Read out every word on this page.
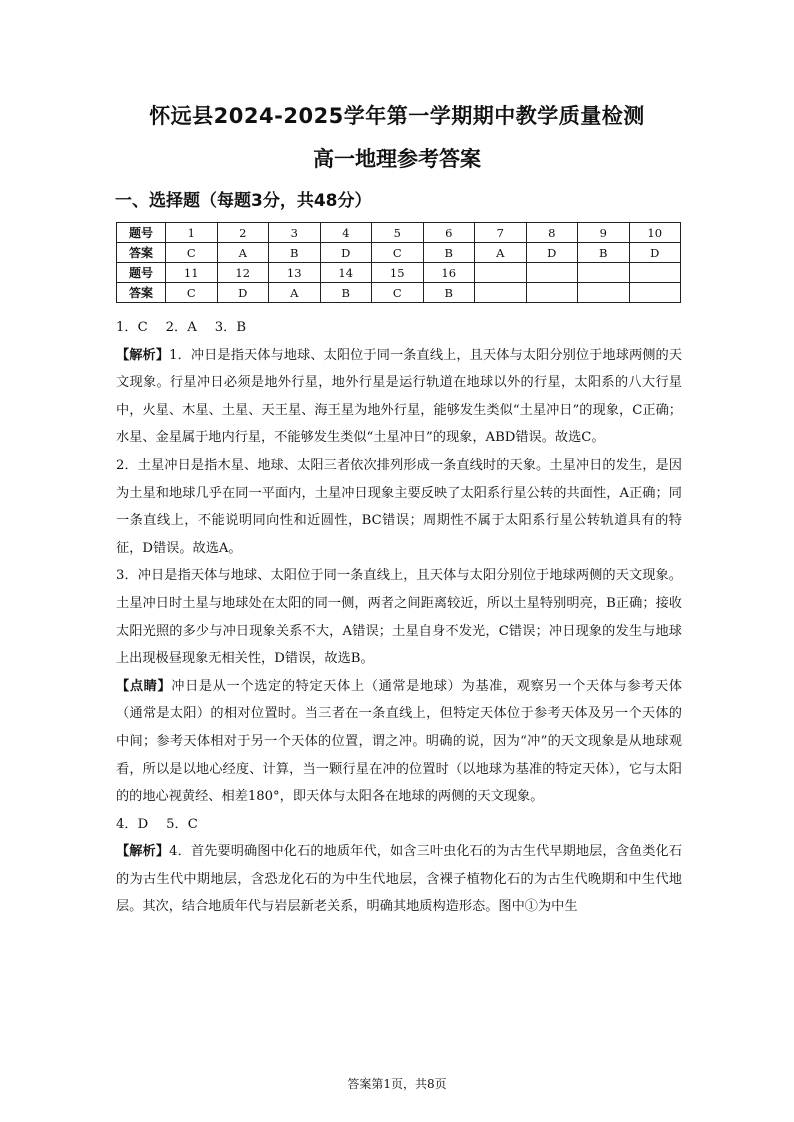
怀远县2024-2025学年第一学期期中教学质量检测
高一地理参考答案
一、选择题（每题3分，共48分）
题号	1	2	3	4	5	6	7	8	9	10
答案	C	A	B	D	C	B	A	D	B	D
题号	11	12	13	14	15	16				
答案	C	D	A	B	C	B				

1．C 2．A 3．B

【解析】1．冲日是指天体与地球、太阳位于同一条直线上，且天体与太阳分别位于地球两侧的天文现象。行星冲日必须是地外行星，地外行星是运行轨道在地球以外的行星，太阳系的八大行星中，火星、木星、土星、天王星、海王星为地外行星，能够发生类似“土星冲日”的现象，C正确；水星、金星属于地内行星，不能够发生类似“土星冲日”的现象，ABD错误。故选C。

2．土星冲日是指木星、地球、太阳三者依次排列形成一条直线时的天象。土星冲日的发生，是因为土星和地球几乎在同一平面内，土星冲日现象主要反映了太阳系行星公转的共面性，A正确；同一条直线上，不能说明同向性和近圆性，BC错误；周期性不属于太阳系行星公转轨道具有的特征，D错误。故选A。

3．冲日是指天体与地球、太阳位于同一条直线上，且天体与太阳分别位于地球两侧的天文现象。土星冲日时土星与地球处在太阳的同一侧，两者之间距离较近，所以土星特别明亮，B正确；接收太阳光照的多少与冲日现象关系不大，A错误；土星自身不发光，C错误；冲日现象的发生与地球上出现极昼现象无相关性，D错误，故选B。

【点睛】冲日是从一个选定的特定天体上（通常是地球）为基准，观察另一个天体与参考天体（通常是太阳）的相对位置时。当三者在一条直线上，但特定天体位于参考天体及另一个天体的中间；参考天体相对于另一个天体的位置，谓之冲。明确的说，因为“冲”的天文现象是从地球观看，所以是以地心经度、计算，当一颗行星在冲的位置时（以地球为基准的特定天体），它与太阳的的地心视黄经、相差180°，即天体与太阳各在地球的两侧的天文现象。

4．D 5．C

【解析】4．首先要明确图中化石的地质年代，如含三叶虫化石的为古生代早期地层，含鱼类化石的为古生代中期地层，含恐龙化石的为中生代地层，含裸子植物化石的为古生代晚期和中生代地层。其次，结合地质年代与岩层新老关系，明确其地质构造形态。图中①为中生

答案第1页，共8页
